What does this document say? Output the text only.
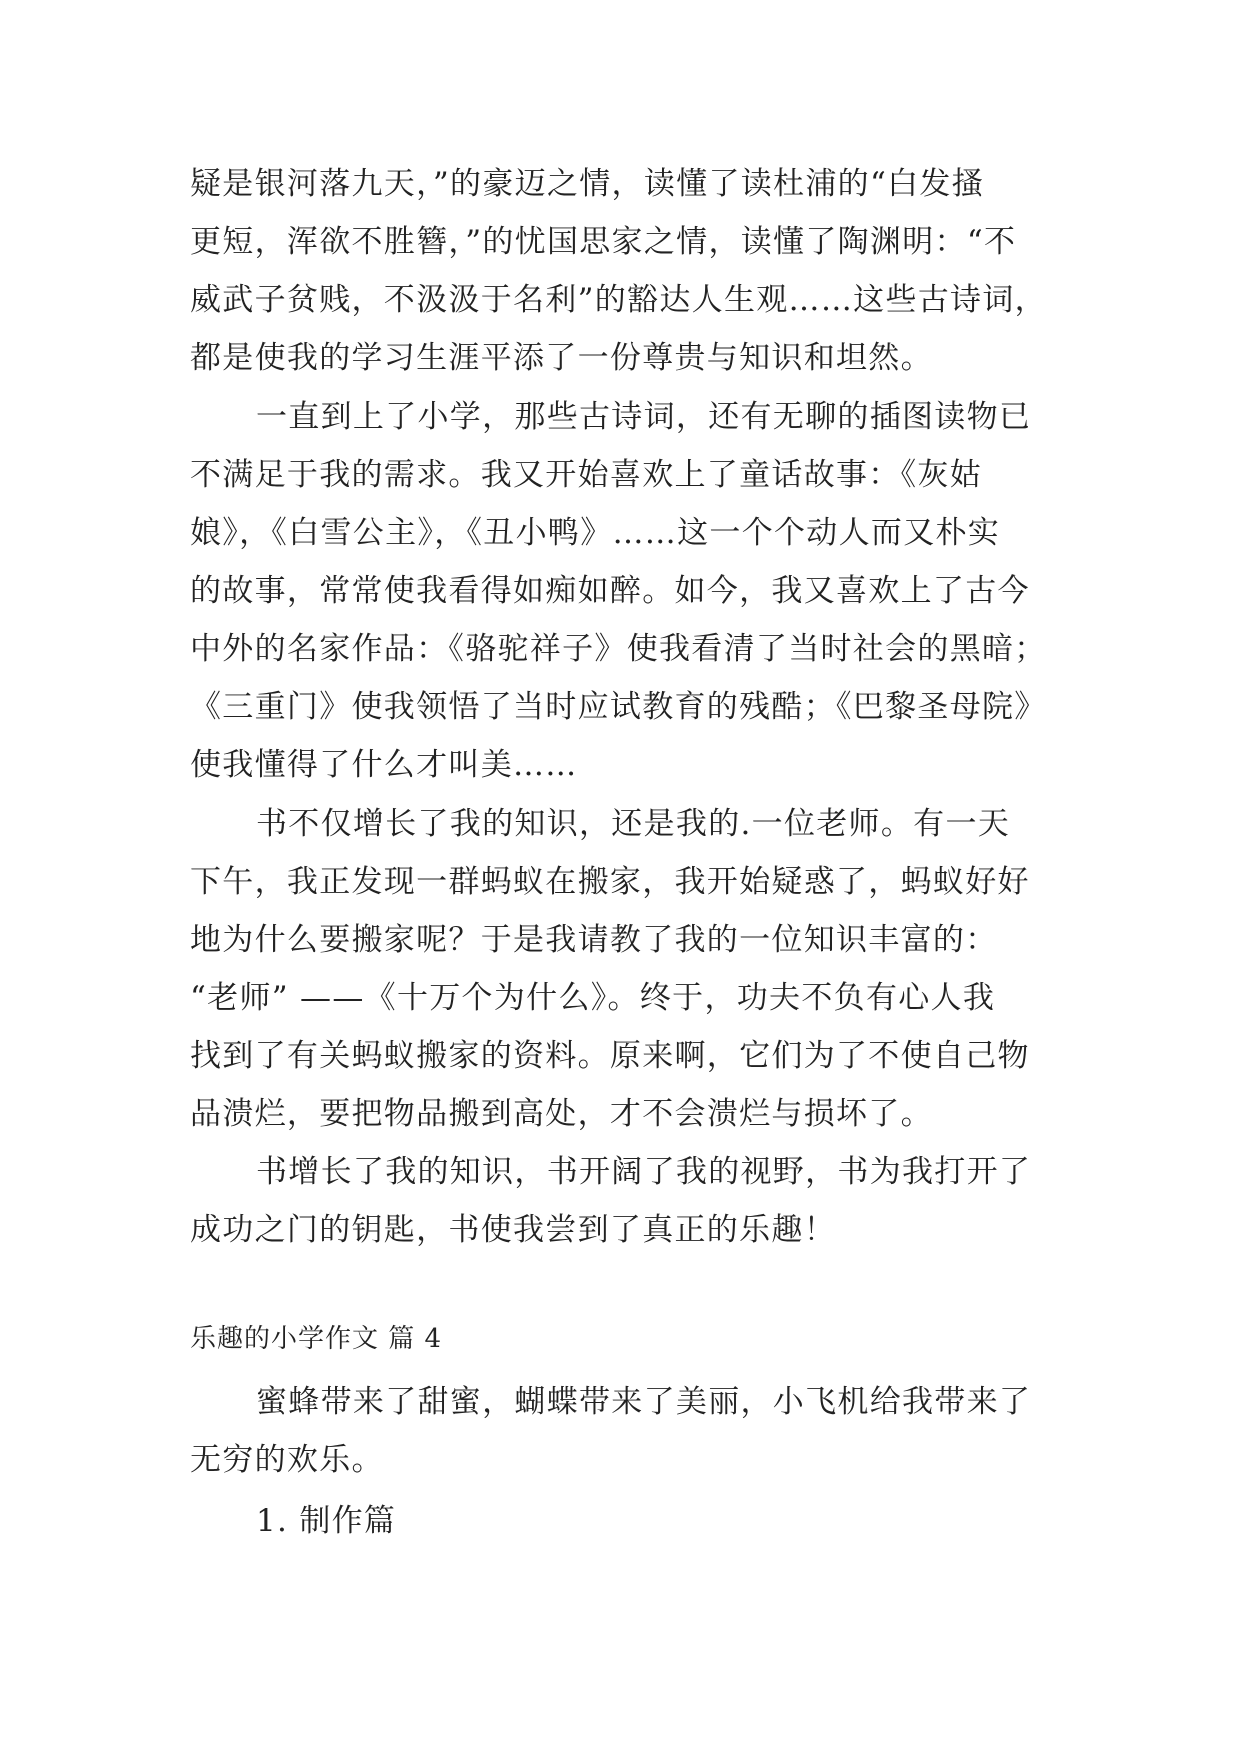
疑是银河落九天，”的豪迈之情，读懂了读杜浦的“白发搔
更短，浑欲不胜簪，”的忧国思家之情，读懂了陶渊明：“不
威武子贫贱，不汲汲于名利”的豁达人生观……这些古诗词，
都是使我的学习生涯平添了一份尊贵与知识和坦然。
一直到上了小学，那些古诗词，还有无聊的插图读物已
不满足于我的需求。我又开始喜欢上了童话故事：《灰姑
娘》，《白雪公主》，《丑小鸭》……这一个个动人而又朴实
的故事，常常使我看得如痴如醉。如今，我又喜欢上了古今
中外的名家作品：《骆驼祥子》使我看清了当时社会的黑暗；
《三重门》使我领悟了当时应试教育的残酷；《巴黎圣母院》
使我懂得了什么才叫美……
书不仅增长了我的知识，还是我的.一位老师。有一天
下午，我正发现一群蚂蚁在搬家，我开始疑惑了，蚂蚁好好
地为什么要搬家呢？于是我请教了我的一位知识丰富的：
“老师” ——《十万个为什么》。终于，功夫不负有心人我
找到了有关蚂蚁搬家的资料。原来啊，它们为了不使自己物
品溃烂，要把物品搬到高处，才不会溃烂与损坏了。
书增长了我的知识，书开阔了我的视野，书为我打开了
成功之门的钥匙，书使我尝到了真正的乐趣！
乐趣的小学作文 篇 4
蜜蜂带来了甜蜜，蝴蝶带来了美丽，小飞机给我带来了
无穷的欢乐。
1. 制作篇
